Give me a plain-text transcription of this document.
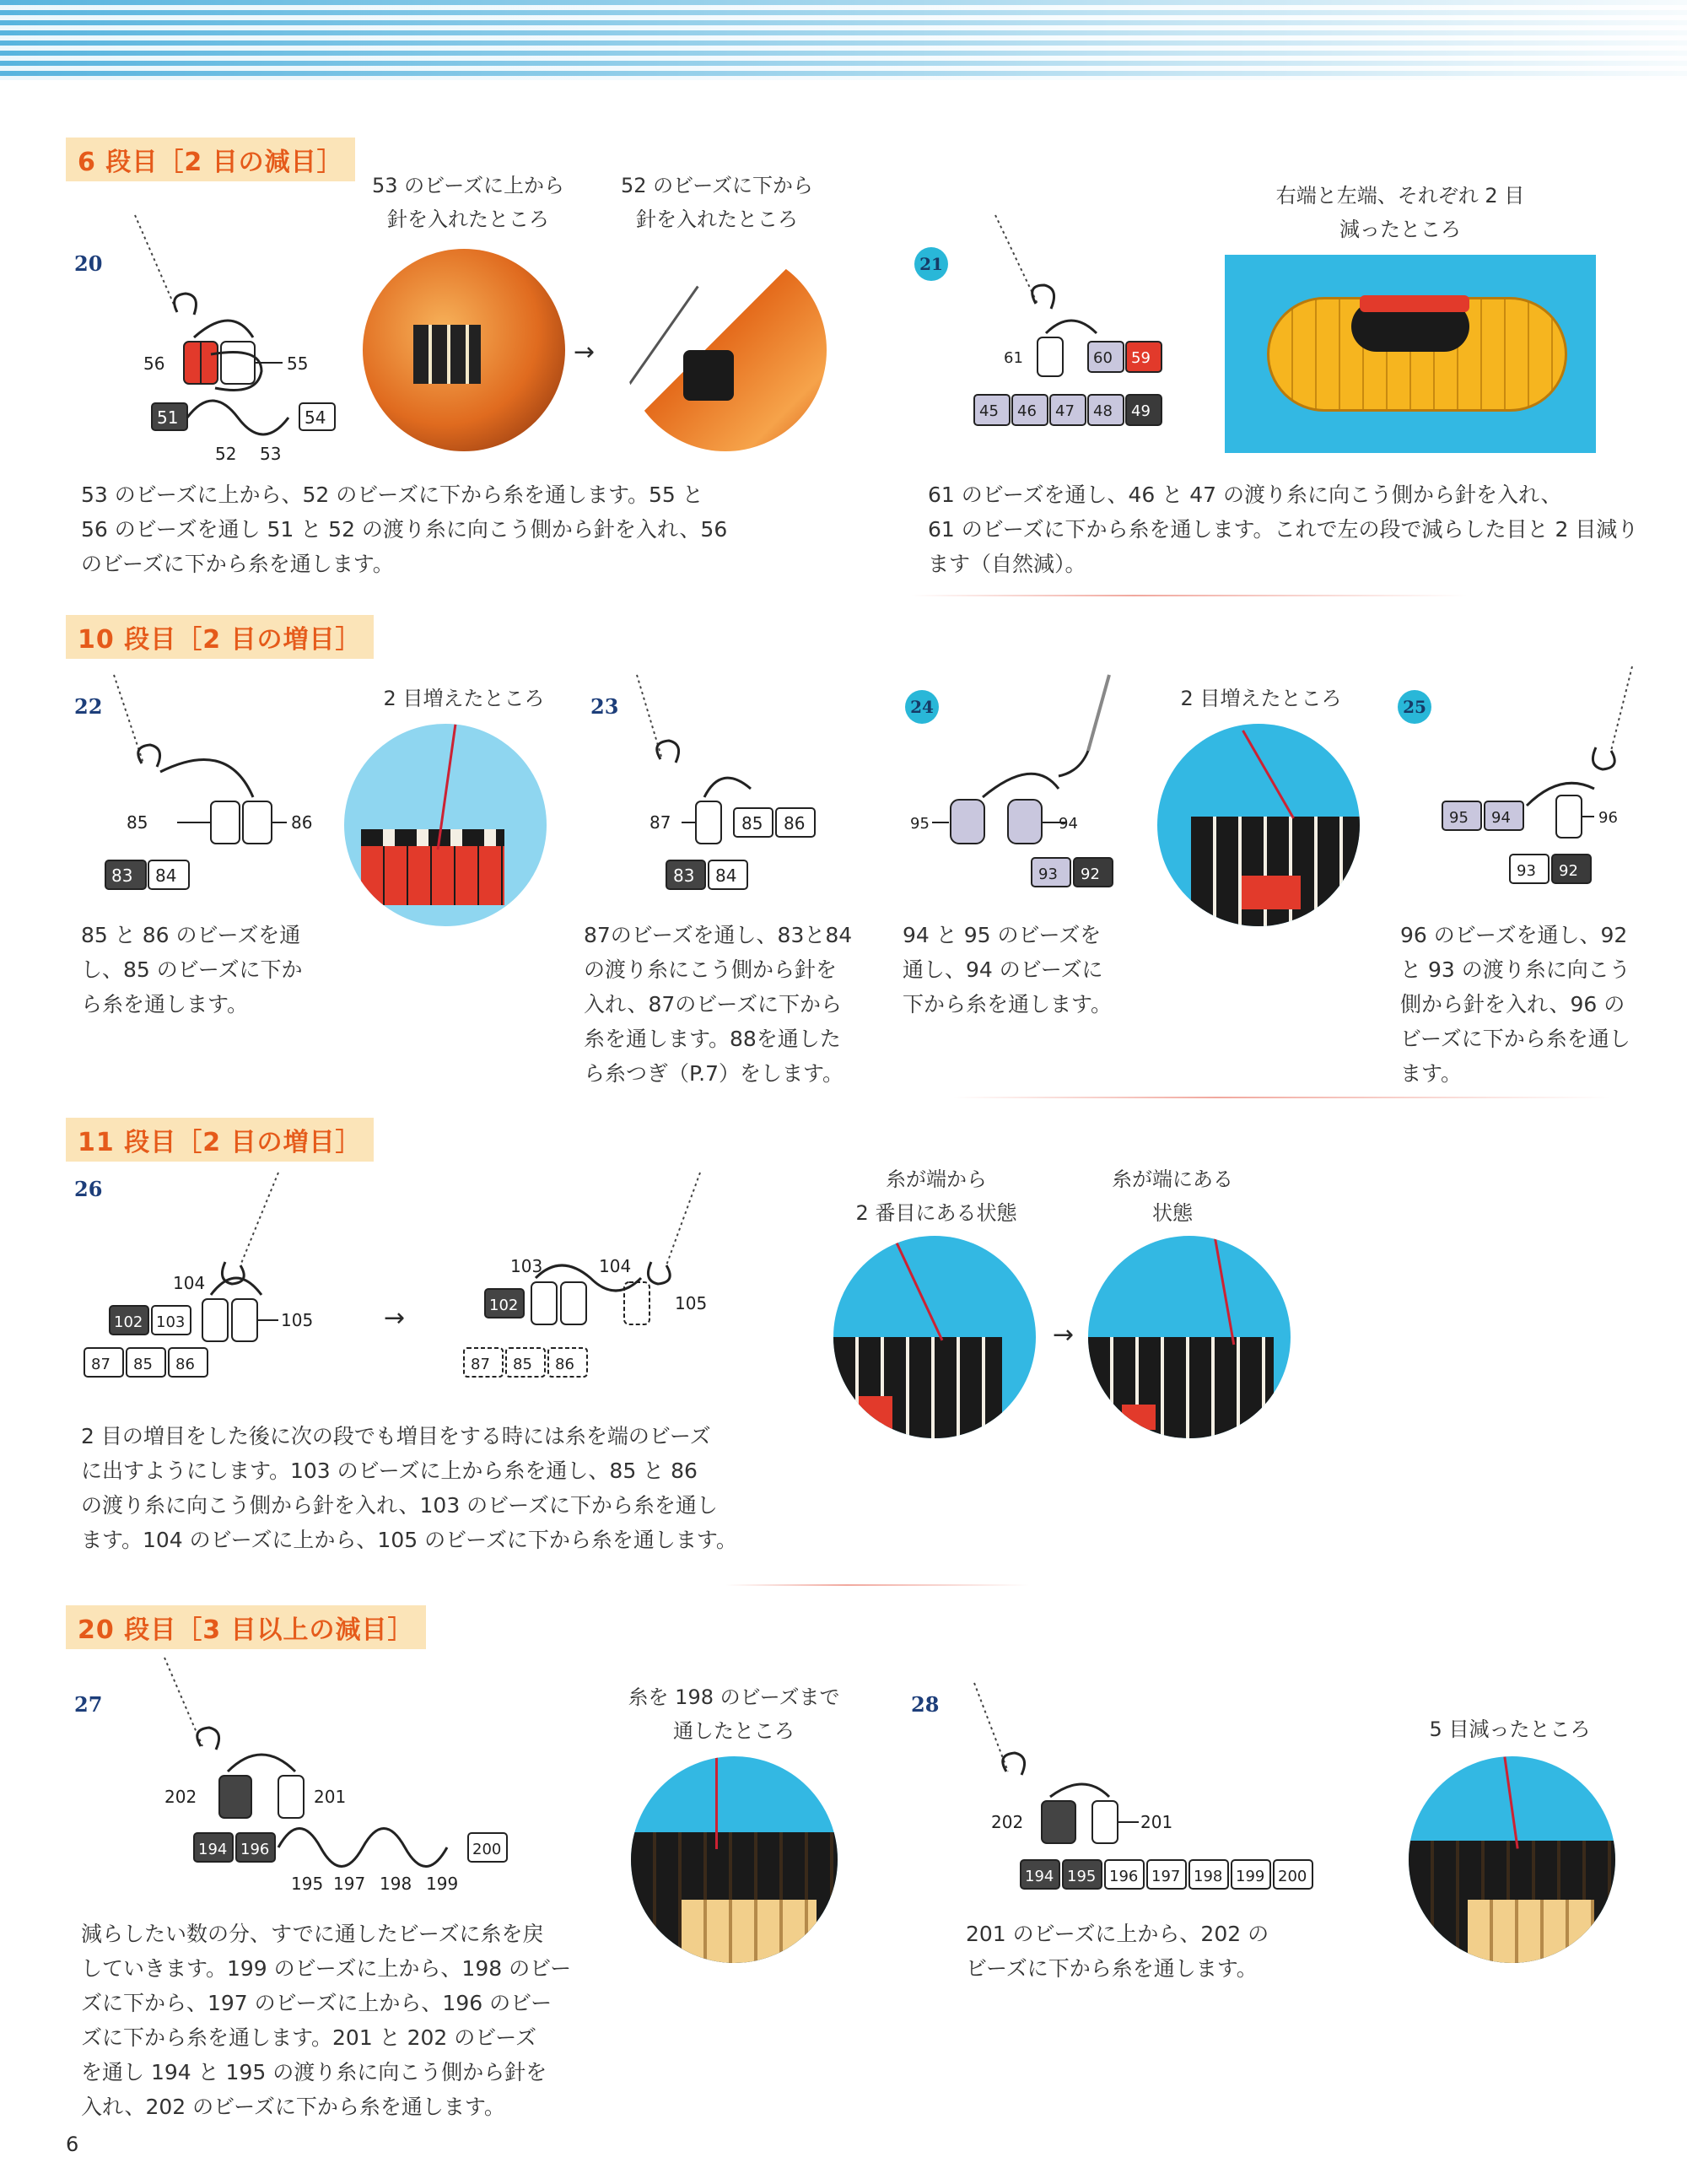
6 段目［2 目の減目］
20
56	55
51	54
52 53
53 のビーズに上から
針を入れたところ
52 のビーズに下から
針を入れたところ
→
53 のビーズに上から、52 のビーズに下から糸を通します。55 と
56 のビーズを通し 51 と 52 の渡り糸に向こう側から針を入れ、56
のビーズに下から糸を通します。
21
61	60 59
45 46 47 48 49
右端と左端、それぞれ 2 目
減ったところ
61 のビーズを通し、46 と 47 の渡り糸に向こう側から針を入れ、
61 のビーズに下から糸を通します。これで左の段で減らした目と 2 目減り
ます（自然減）。
10 段目［2 目の増目］
22
85	86
83 84
2 目増えたところ
85 と 86 のビーズを通
し、85 のビーズに下か
ら糸を通します。
23
87	85 86
83 84
87のビーズを通し、83と84
の渡り糸にこう側から針を
入れ、87のビーズに下から
糸を通します。88を通した
ら糸つぎ（P.7）をします。
24
95	94
93 92
2 目増えたところ
94 と 95 のビーズを
通し、94 のビーズに
下から糸を通します。
25
95 94	96
93 92
96 のビーズを通し、92
と 93 の渡り糸に向こう
側から針を入れ、96 の
ビーズに下から糸を通し
ます。
11 段目［2 目の増目］
26
104
102 103	105
87 85 86
→
103	104
102	105
87 85 86
2 目の増目をした後に次の段でも増目をする時には糸を端のビーズ
に出すようにします。103 のビーズに上から糸を通し、85 と 86
の渡り糸に向こう側から針を入れ、103 のビーズに下から糸を通し
ます。104 のビーズに上から、105 のビーズに下から糸を通します。
糸が端から
2 番目にある状態
糸が端にある
状態
→
20 段目［3 目以上の減目］
27
202	201
194 196	200
195 197 198 199
糸を 198 のビーズまで
通したところ
減らしたい数の分、すでに通したビーズに糸を戻
していきます。199 のビーズに上から、198 のビー
ズに下から、197 のビーズに上から、196 のビー
ズに下から糸を通します。201 と 202 のビーズ
を通し 194 と 195 の渡り糸に向こう側から針を
入れ、202 のビーズに下から糸を通します。
28
202	201
194 195 196 197 198 199 200
5 目減ったところ
201 のビーズに上から、202 の
ビーズに下から糸を通します。
6
